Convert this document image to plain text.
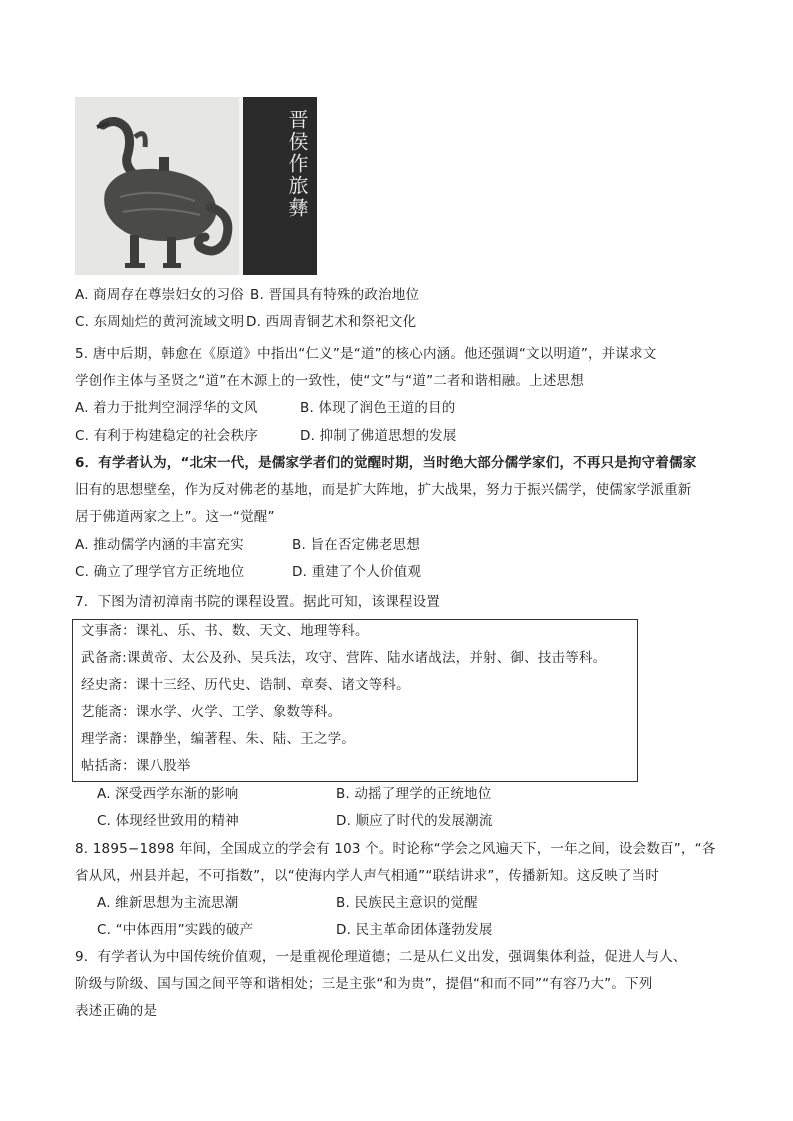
晋侯作旅彝
A. 商周存在尊崇妇女的习俗 B. 晋国具有特殊的政治地位
C. 东周灿烂的黄河流域文明 D. 西周青铜艺术和祭祀文化
5. 唐中后期，韩愈在《原道》中指出“仁义”是“道”的核心内涵。他还强调“文以明道”，并谋求文
学创作主体与圣贤之“道”在木源上的一致性，使“文”与“道”二者和谐相融。上述思想
A. 着力于批判空洞浮华的文风	B. 体现了润色王道的目的
C. 有利于构建稳定的社会秩序	D. 抑制了佛道思想的发展
6．有学者认为，“北宋一代，是儒家学者们的觉醒时期，当时绝大部分儒学家们，不再只是拘守着儒家
旧有的思想壁垒，作为反对佛老的基地，而是扩大阵地，扩大战果，努力于振兴儒学，使儒家学派重新
居于佛道两家之上”。这一“觉醒”
A. 推动儒学内涵的丰富充实	B. 旨在否定佛老思想
C. 确立了理学官方正统地位	D. 重建了个人价值观
7．下图为清初漳南书院的课程设置。据此可知，该课程设置
文事斋：课礼、乐、书、数、天文、地理等科。
武备斋:课黄帝、太公及孙、吴兵法，攻守、营阵、陆水诸战法，并射、御、技击等科。
经史斋：课十三经、历代史、诰制、章奏、诸文等科。
艺能斋：课水学、火学、工学、象数等科。
理学斋：课静坐，编著程、朱、陆、王之学。
帖括斋：课八股举
A. 深受西学东渐的影响	B. 动摇了理学的正统地位
C. 体现经世致用的精神	D. 顺应了时代的发展潮流
8. 1895−1898 年间，全国成立的学会有 103 个。时论称“学会之风遍天下，一年之间，设会数百”，“各
省从风，州县并起，不可指数”，以“使海内学人声气相通”“联结讲求”，传播新知。这反映了当时
A. 维新思想为主流思潮	B. 民族民主意识的觉醒
C. “中体西用”实践的破产	D. 民主革命团体蓬勃发展
9．有学者认为中国传统价值观，一是重视伦理道德；二是从仁义出发，强调集体利益，促进人与人、
阶级与阶级、国与国之间平等和谐相处；三是主张“和为贵”，提倡“和而不同”“有容乃大”。下列
表述正确的是
